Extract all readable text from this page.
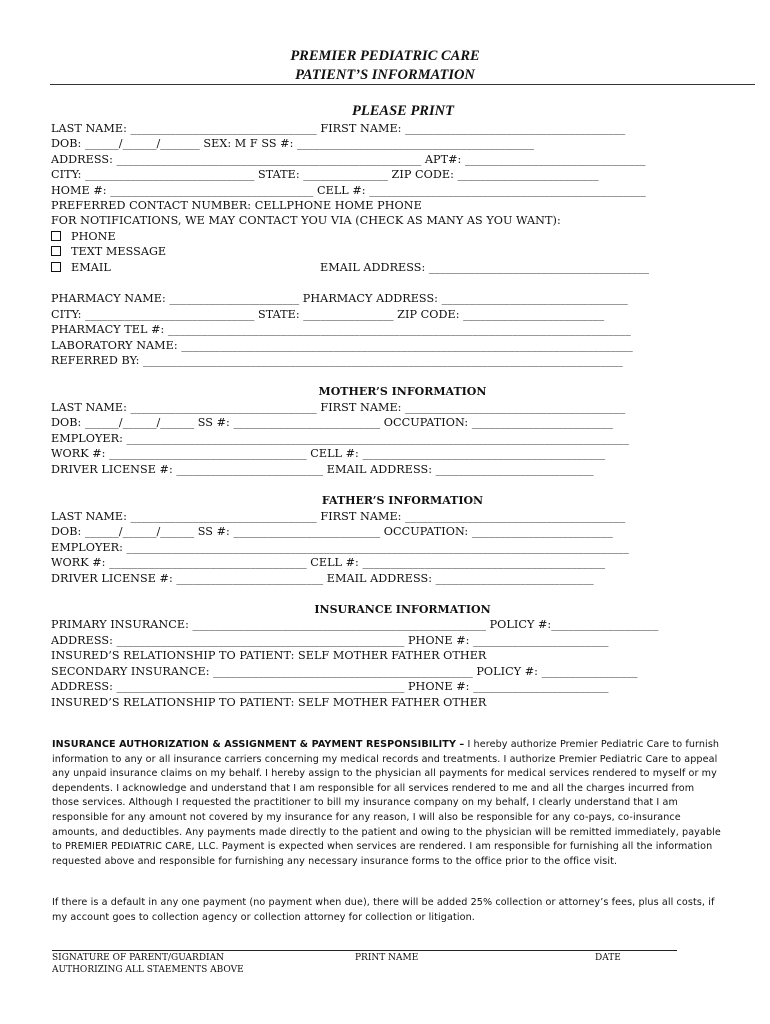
PREMIER PEDIATRIC CARE
PATIENT’S INFORMATION
PLEASE PRINT
LAST NAME: _________________________________ FIRST NAME: _______________________________________
DOB: ______/______/_______ SEX: M F SS #: __________________________________________
ADDRESS: ______________________________________________________ APT#: ________________________________
CITY: ______________________________ STATE: _______________ ZIP CODE: _________________________
HOME #: ____________________________________ CELL #: _________________________________________________
PREFERRED CONTACT NUMBER: CELLPHONE HOME PHONE
FOR NOTIFICATIONS, WE MAY CONTACT YOU VIA (CHECK AS MANY AS YOU WANT):
PHONE
TEXT MESSAGE
EMAIL	EMAIL ADDRESS: _______________________________________
PHARMACY NAME: _______________________ PHARMACY ADDRESS: _________________________________
CITY: ______________________________ STATE: ________________ ZIP CODE: _________________________
PHARMACY TEL #: __________________________________________________________________________________
LABORATORY NAME: ________________________________________________________________________________
REFERRED BY: _____________________________________________________________________________________
MOTHER’S INFORMATION
LAST NAME: _________________________________ FIRST NAME: _______________________________________
DOB: ______/______/______ SS #: __________________________ OCCUPATION: _________________________
EMPLOYER: _________________________________________________________________________________________
WORK #: ___________________________________ CELL #: ___________________________________________
DRIVER LICENSE #: __________________________ EMAIL ADDRESS: ____________________________
FATHER’S INFORMATION
LAST NAME: _________________________________ FIRST NAME: _______________________________________
DOB: ______/______/______ SS #: __________________________ OCCUPATION: _________________________
EMPLOYER: _________________________________________________________________________________________
WORK #: ___________________________________ CELL #: ___________________________________________
DRIVER LICENSE #: __________________________ EMAIL ADDRESS: ____________________________
INSURANCE INFORMATION
PRIMARY INSURANCE: ____________________________________________________ POLICY #:___________________
ADDRESS: ___________________________________________________ PHONE #: ________________________
INSURED’S RELATIONSHIP TO PATIENT: SELF MOTHER FATHER OTHER
SECONDARY INSURANCE: ______________________________________________ POLICY #: _________________
ADDRESS: ___________________________________________________ PHONE #: ________________________
INSURED’S RELATIONSHIP TO PATIENT: SELF MOTHER FATHER OTHER
INSURANCE AUTHORIZATION & ASSIGNMENT & PAYMENT RESPONSIBILITY – I hereby authorize Premier Pediatric Care to furnish information to any or all insurance carriers concerning my medical records and treatments. I authorize Premier Pediatric Care to appeal any unpaid insurance claims on my behalf. I hereby assign to the physician all payments for medical services rendered to myself or my dependents. I acknowledge and understand that I am responsible for all services rendered to me and all the charges incurred from those services. Although I requested the practitioner to bill my insurance company on my behalf, I clearly understand that I am responsible for any amount not covered by my insurance for any reason, I will also be responsible for any co-pays, co-insurance amounts, and deductibles. Any payments made directly to the patient and owing to the physician will be remitted immediately, payable to PREMIER PEDIATRIC CARE, LLC. Payment is expected when services are rendered. I am responsible for furnishing all the information requested above and responsible for furnishing any necessary insurance forms to the office prior to the office visit.
If there is a default in any one payment (no payment when due), there will be added 25% collection or attorney’s fees, plus all costs, if my account goes to collection agency or collection attorney for collection or litigation.
SIGNATURE OF PARENT/GUARDIAN
AUTHORIZING ALL STAEMENTS ABOVE
PRINT NAME	DATE
